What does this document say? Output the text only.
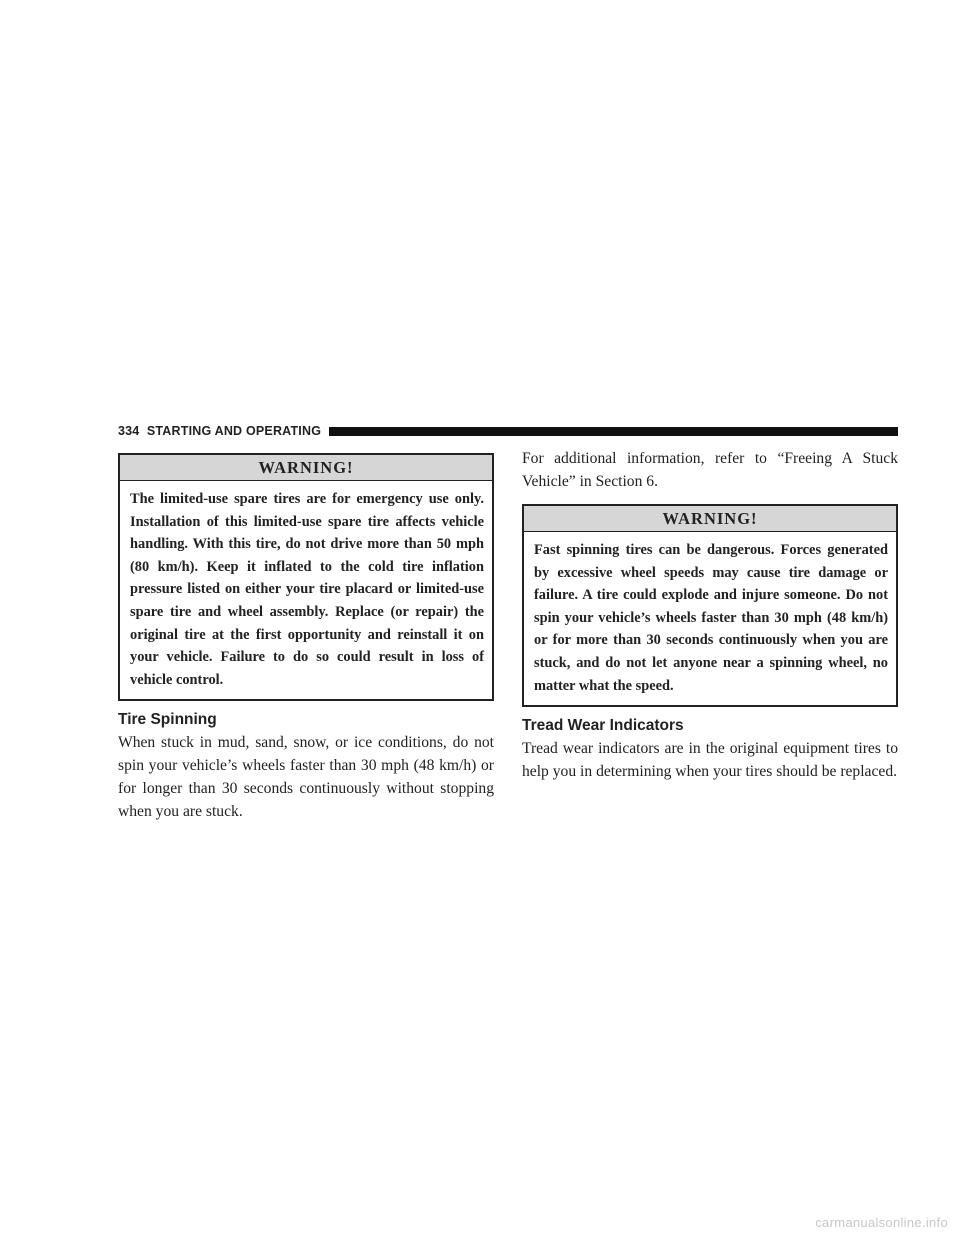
334 STARTING AND OPERATING
WARNING!
The limited-use spare tires are for emergency use only. Installation of this limited-use spare tire affects vehicle handling. With this tire, do not drive more than 50 mph (80 km/h). Keep it inflated to the cold tire inflation pressure listed on either your tire placard or limited-use spare tire and wheel assembly. Replace (or repair) the original tire at the first opportunity and reinstall it on your vehicle. Failure to do so could result in loss of vehicle control.
Tire Spinning

When stuck in mud, sand, snow, or ice conditions, do not spin your vehicle’s wheels faster than 30 mph (48 km/h) or for longer than 30 seconds continuously without stopping when you are stuck.

For additional information, refer to “Freeing A Stuck Vehicle” in Section 6.

WARNING!
Fast spinning tires can be dangerous. Forces generated by excessive wheel speeds may cause tire damage or failure. A tire could explode and injure someone. Do not spin your vehicle’s wheels faster than 30 mph (48 km/h) or for more than 30 seconds continuously when you are stuck, and do not let anyone near a spinning wheel, no matter what the speed.
Tread Wear Indicators

Tread wear indicators are in the original equipment tires to help you in determining when your tires should be replaced.

carmanualsonline.info
